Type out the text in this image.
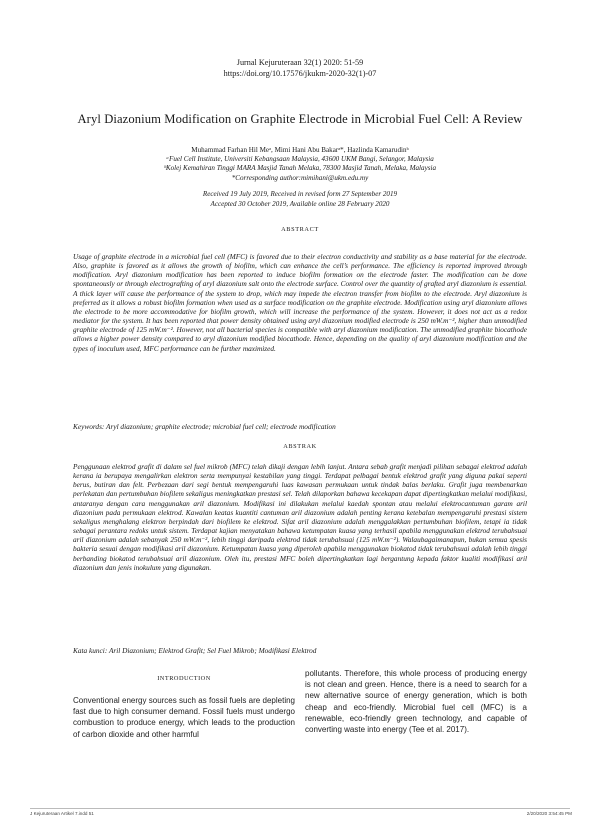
Jurnal Kejuruteraan 32(1) 2020: 51-59
https://doi.org/10.17576/jkukm-2020-32(1)-07
Aryl Diazonium Modification on Graphite Electrode in Microbial Fuel Cell: A Review
Muhammad Farhan Hil Meᵃ, Mimi Hani Abu Bakarᵃ*, Hazlinda Kamarudinᵇ
ᵃFuel Cell Institute, Universiti Kebangsaan Malaysia, 43600 UKM Bangi, Selangor, Malaysia
ᵇKolej Kemahiran Tinggi MARA Masjid Tanah Melaka, 78300 Masjid Tanah, Melaka, Malaysia
*Corresponding author:mimihani@ukm.edu.my
Received 19 July 2019, Received in revised form 27 September 2019
Accepted 30 October 2019, Available online 28 February 2020
ABSTRACT

Usage of graphite electrode in a microbial fuel cell (MFC) is favored due to their electron conductivity and stability as a base material for the electrode. Also, graphite is favored as it allows the growth of biofilm, which can enhance the cell’s performance. The efficiency is reported improved through modification. Aryl diazonium modification has been reported to induce biofilm formation on the electrode faster. The modification can be done spontaneously or through electrografting of aryl diazonium salt onto the electrode surface. Control over the quantity of grafted aryl diazonium is essential. A thick layer will cause the performance of the system to drop, which may impede the electron transfer from biofilm to the electrode. Aryl diazonium is preferred as it allows a robust biofilm formation when used as a surface modification on the graphite electrode. Modification using aryl diazonium allows the electrode to be more accommodative for biofilm growth, which will increase the performance of the system. However, it does not act as a redox mediator for the system. It has been reported that power density obtained using aryl diazonium modified electrode is 250 mW.m⁻², higher than unmodified graphite electrode of 125 mW.m⁻². However, not all bacterial species is compatible with aryl diazonium modification. The unmodified graphite biocathode allows a higher power density compared to aryl diazonium modified biocathode. Hence, depending on the quality of aryl diazonium modification and the types of inoculum used, MFC performance can be further maximized.

Keywords: Aryl diazonium; graphite electrode; microbial fuel cell; electrode modification

ABSTRAK

Penggunaan elektrod grafit di dalam sel fuel mikrob (MFC) telah dikaji dengan lebih lanjut. Antara sebab grafit menjadi pilihan sebagai elektrod adalah kerana ia berupaya mengalirkan elektron serta mempunyai kestabilan yang tinggi. Terdapat pelbagai bentuk elektrod grafit yang diguna pakai seperti berus, butiran dan felt. Perbezaan dari segi bentuk mempengaruhi luas kawasan permukaan untuk tindak balas berlaku. Grafit juga membenarkan perlekatan dan pertumbuhan biofilem sekaligus meningkatkan prestasi sel. Telah dilaporkan bahawa kecekapan dapat dipertingkatkan melalui modifikasi, antaranya dengan cara menggunakan aril diazonium. Modifikasi ini dilakukan melalui kaedah spontan atau melalui elektrocantuman garam aril diazonium pada permukaan elektrod. Kawalan keatas kuantiti cantuman aril diazonium adalah penting kerana ketebalan mempengaruhi prestasi sistem sekaligus menghalang elektron berpindah dari biofilem ke elektrod. Sifat aril diazonium adalah menggalakkan pertumbuhan biofilem, tetapi ia tidak sebagai perantara redoks untuk sistem. Terdapat kajian menyatakan bahawa ketumpatan kuasa yang terhasil apabila menggunakan elektrod terubahsuai aril diazonium adalah sebanyak 250 mW.m⁻², lebih tinggi daripada elektrod tidak terubahsuai (125 mW.m⁻²). Walaubagaimanapun, bukan semua spesis bakteria sesuai dengan modifikasi aril diazonium. Ketumpatan kuasa yang diperoleh apabila menggunakan biokatod tidak terubahsuai adalah lebih tinggi berbanding biokatod terubahsuai aril diazonium. Oleh itu, prestasi MFC boleh dipertingkatkan lagi bergantung kepada faktor kualiti modifikasi aril diazonium dan jenis inokulum yang digunakan.

Kata kunci: Aril Diazonium; Elektrod Grafit; Sel Fuel Mikrob; Modifikasi Elektrod

INTRODUCTION

Conventional energy sources such as fossil fuels are depleting fast due to high consumer demand. Fossil fuels must undergo combustion to produce energy, which leads to the production of carbon dioxide and other harmful

pollutants. Therefore, this whole process of producing energy is not clean and green. Hence, there is a need to search for a new alternative source of energy generation, which is both cheap and eco-friendly. Microbial fuel cell (MFC) is a renewable, eco-friendly green technology, and capable of converting waste into energy (Tee et al. 2017).

J Kejuruteraan Artikel 7.indd 51	2/20/2020 3:54:45 PM
